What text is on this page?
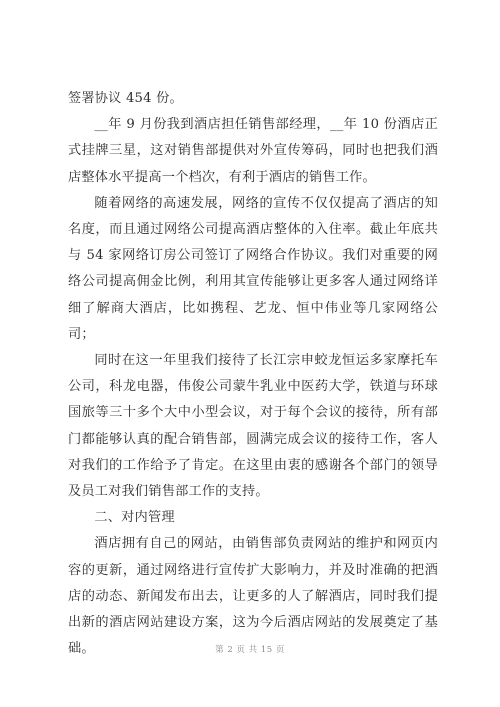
签署协议 454 份。

__年 9 月份我到酒店担任销售部经理，__年 10 份酒店正式挂牌三星，这对销售部提供对外宣传筹码，同时也把我们酒店整体水平提高一个档次，有利于酒店的销售工作。

随着网络的高速发展，网络的宣传不仅仅提高了酒店的知名度，而且通过网络公司提高酒店整体的入住率。截止年底共与 54 家网络订房公司签订了网络合作协议。我们对重要的网络公司提高佣金比例，利用其宣传能够让更多客人通过网络详细了解商大酒店，比如携程、艺龙、恒中伟业等几家网络公司；

同时在这一年里我们接待了长江宗申蛟龙恒运多家摩托车公司，科龙电器，伟俊公司蒙牛乳业中医药大学，铁道与环球国旅等三十多个大中小型会议，对于每个会议的接待，所有部门都能够认真的配合销售部，圆满完成会议的接待工作，客人对我们的工作给予了肯定。在这里由衷的感谢各个部门的领导及员工对我们销售部工作的支持。

二、对内管理

酒店拥有自己的网站，由销售部负责网站的维护和网页内容的更新，通过网络进行宣传扩大影响力，并及时准确的把酒店的动态、新闻发布出去，让更多的人了解酒店，同时我们提出新的酒店网站建设方案，这为今后酒店网站的发展奠定了基础。	第 2 页 共 15 页
